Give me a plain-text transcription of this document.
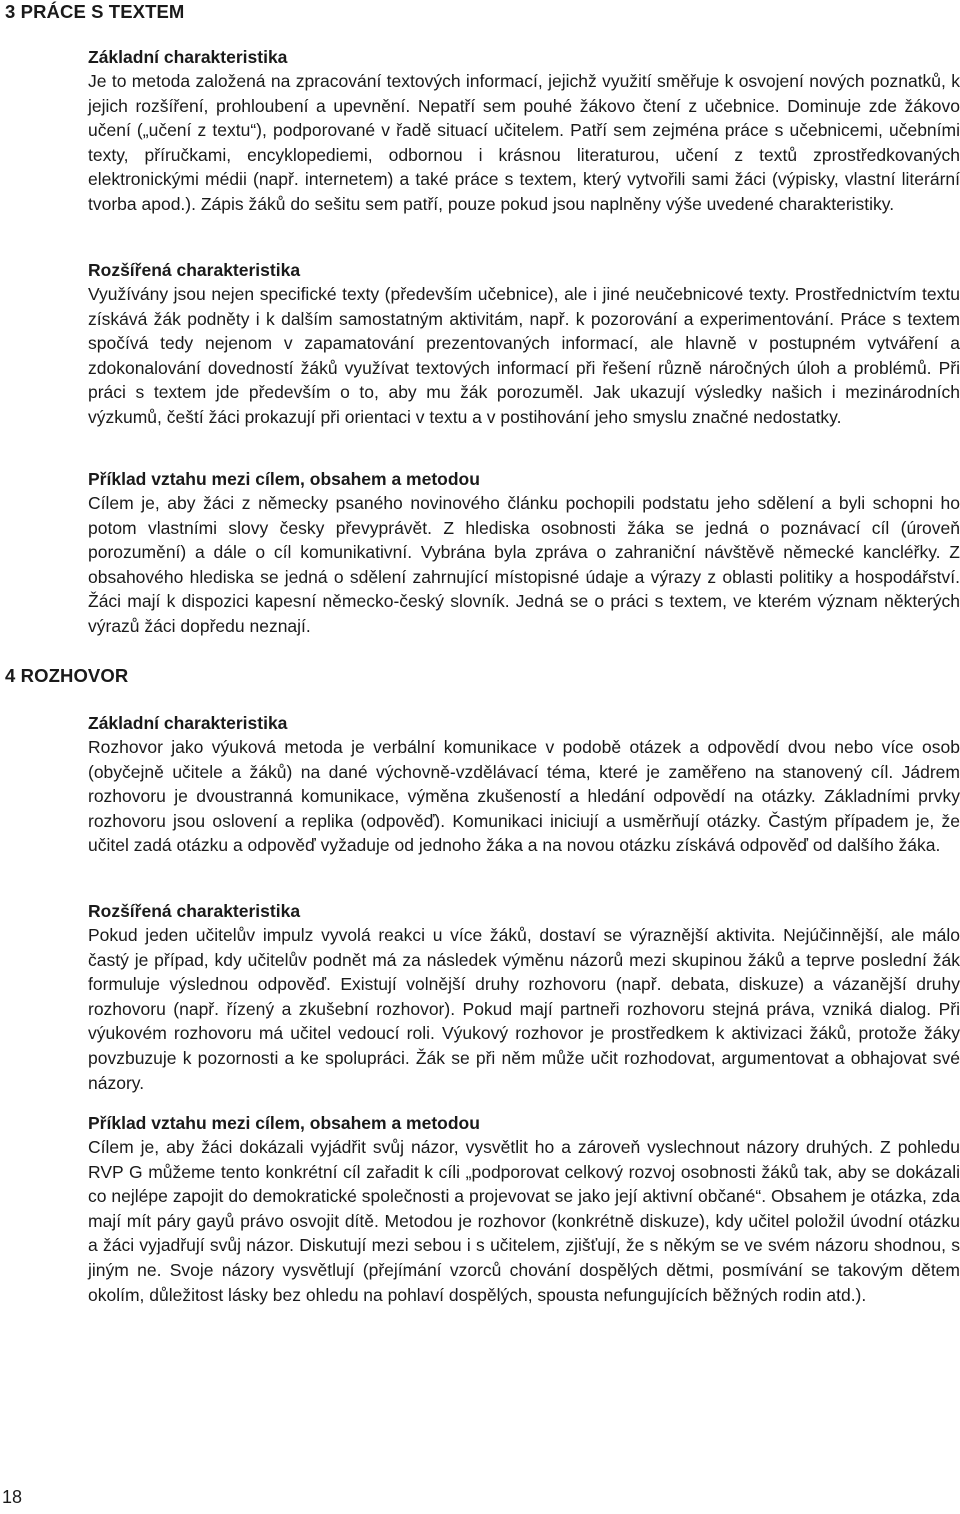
3 PRÁCE S TEXTEM
Základní charakteristika
Je to metoda založená na zpracování textových informací, jejichž využití směřuje k osvojení nových poznatků, k jejich rozšíření, prohloubení a upevnění. Nepatří sem pouhé žákovo čtení z učebnice. Dominuje zde žákovo učení („učení z textu“), podporované v řadě situací učitelem. Patří sem zejména práce s učebnicemi, učebními texty, příručkami, encyklopediemi, odbornou i krásnou literaturou, učení z textů zprostředkovaných elektronickými médii (např. internetem) a také práce s textem, který vytvořili sami žáci (výpisky, vlastní literární tvorba apod.). Zápis žáků do sešitu sem patří, pouze pokud jsou naplněny výše uvedené charakteristiky.
Rozšířená charakteristika
Využívány jsou nejen specifické texty (především učebnice), ale i jiné neučebnicové texty. Prostřednictvím textu získává žák podněty i k dalším samostatným aktivitám, např. k pozorování a experimentování. Práce s textem spočívá tedy nejenom v zapamatování prezentovaných informací, ale hlavně v postupném vytváření a zdokonalování dovedností žáků využívat textových informací při řešení různě náročných úloh a problémů. Při práci s textem jde především o to, aby mu žák porozuměl. Jak ukazují výsledky našich i mezinárodních výzkumů, čeští žáci prokazují při orientaci v textu a v postihování jeho smyslu značné nedostatky.
Příklad vztahu mezi cílem, obsahem a metodou
Cílem je, aby žáci z německy psaného novinového článku pochopili podstatu jeho sdělení a byli schopni ho potom vlastními slovy česky převyprávět. Z hlediska osobnosti žáka se jedná o poznávací cíl (úroveň porozumění) a dále o cíl komunikativní. Vybrána byla zpráva o zahraniční návštěvě německé kancléřky. Z obsahového hlediska se jedná o sdělení zahrnující místopisné údaje a výrazy z oblasti politiky a hospodářství. Žáci mají k dispozici kapesní německo-český slovník. Jedná se o práci s textem, ve kterém význam některých výrazů žáci dopředu neznají.
4 ROZHOVOR
Základní charakteristika
Rozhovor jako výuková metoda je verbální komunikace v podobě otázek a odpovědí dvou nebo více osob (obyčejně učitele a žáků) na dané výchovně-vzdělávací téma, které je zaměřeno na stanovený cíl. Jádrem rozhovoru je dvoustranná komunikace, výměna zkušeností a hledání odpovědí na otázky. Základními prvky rozhovoru jsou oslovení a replika (odpověď). Komunikaci iniciují a usměrňují otázky. Častým případem je, že učitel zadá otázku a odpověď vyžaduje od jednoho žáka a na novou otázku získává odpověď od dalšího žáka.
Rozšířená charakteristika
Pokud jeden učitelův impulz vyvolá reakci u více žáků, dostaví se výraznější aktivita. Nejúčinnější, ale málo častý je případ, kdy učitelův podnět má za následek výměnu názorů mezi skupinou žáků a teprve poslední žák formuluje výslednou odpověď. Existují volnější druhy rozhovoru (např. debata, diskuze) a vázanější druhy rozhovoru (např. řízený a zkušební rozhovor). Pokud mají partneři rozhovoru stejná práva, vzniká dialog. Při výukovém rozhovoru má učitel vedoucí roli. Výukový rozhovor je prostředkem k aktivizaci žáků, protože žáky povzbuzuje k pozornosti a ke spolupráci. Žák se při něm může učit rozhodovat, argumentovat a obhajovat své názory.
Příklad vztahu mezi cílem, obsahem a metodou
Cílem je, aby žáci dokázali vyjádřit svůj názor, vysvětlit ho a zároveň vyslechnout názory druhých. Z pohledu RVP G můžeme tento konkrétní cíl zařadit k cíli „podporovat celkový rozvoj osobnosti žáků tak, aby se dokázali co nejlépe zapojit do demokratické společnosti a projevovat se jako její aktivní občané“. Obsahem je otázka, zda mají mít páry gayů právo osvojit dítě. Metodou je rozhovor (konkrétně diskuze), kdy učitel položil úvodní otázku a žáci vyjadřují svůj názor. Diskutují mezi sebou i s učitelem, zjišťují, že s někým se ve svém názoru shodnou, s jiným ne. Svoje názory vysvětlují (přejímání vzorců chování dospělých dětmi, posmívání se takovým dětem okolím, důležitost lásky bez ohledu na pohlaví dospělých, spousta nefungujících běžných rodin atd.).
18
